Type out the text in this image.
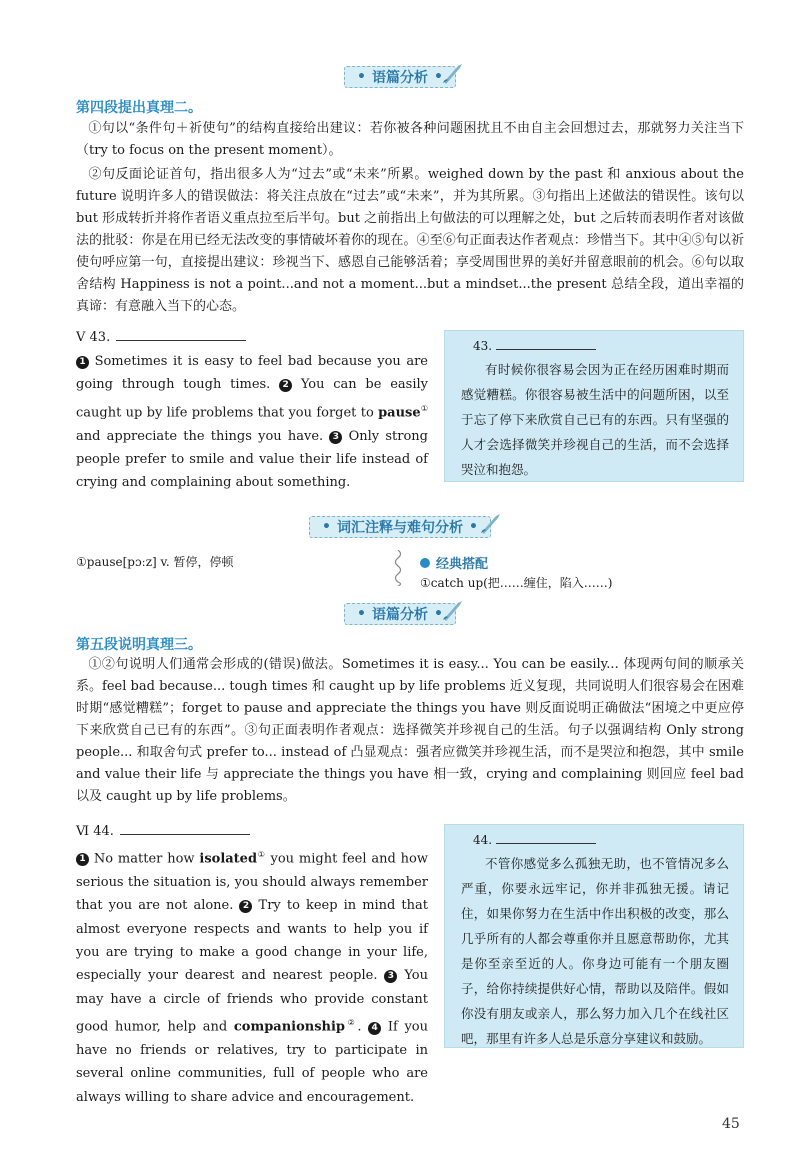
• 语篇分析 •
第四段提出真理二。

①句以“条件句＋祈使句”的结构直接给出建议：若你被各种问题困扰且不由自主会回想过去，那就努力关注当下（try to focus on the present moment）。

②句反面论证首句，指出很多人为“过去”或“未来”所累。weighed down by the past 和 anxious about the future 说明许多人的错误做法：将关注点放在“过去”或“未来”，并为其所累。③句指出上述做法的错误性。该句以 but 形成转折并将作者语义重点拉至后半句。but 之前指出上句做法的可以理解之处，but 之后转而表明作者对该做法的批驳：你是在用已经无法改变的事情破坏着你的现在。④至⑥句正面表达作者观点：珍惜当下。其中④⑤句以祈使句呼应第一句，直接提出建议：珍视当下、感恩自己能够活着；享受周围世界的美好并留意眼前的机会。⑥句以取舍结构 Happiness is not a point...and not a moment...but a mindset...the present 总结全段，道出幸福的真谛：有意融入当下的心态。

Ⅴ 43.

1 Sometimes it is easy to feel bad because you are going through tough times. 2 You can be easily caught up by life problems that you forget to pause① and appreciate the things you have. 3 Only strong people prefer to smile and value their life instead of crying and complaining about something.

43.

有时候你很容易会因为正在经历困难时期而感觉糟糕。你很容易被生活中的问题所困，以至于忘了停下来欣赏自己已有的东西。只有坚强的人才会选择微笑并珍视自己的生活，而不会选择哭泣和抱怨。

• 词汇注释与难句分析 •
①pause[pɔːz] v. 暂停，停顿	经典搭配
①catch up(把……缠住，陷入……)
• 语篇分析 •
第五段说明真理三。

①②句说明人们通常会形成的(错误)做法。Sometimes it is easy... You can be easily... 体现两句间的顺承关系。feel bad because... tough times 和 caught up by life problems 近义复现，共同说明人们很容易会在困难时期“感觉糟糕”；forget to pause and appreciate the things you have 则反面说明正确做法“困境之中更应停下来欣赏自己已有的东西”。③句正面表明作者观点：选择微笑并珍视自己的生活。句子以强调结构 Only strong people... 和取舍句式 prefer to... instead of 凸显观点：强者应微笑并珍视生活，而不是哭泣和抱怨，其中 smile and value their life 与 appreciate the things you have 相一致，crying and complaining 则回应 feel bad 以及 caught up by life problems。

Ⅵ 44.

1 No matter how isolated① you might feel and how serious the situation is, you should always remember that you are not alone. 2 Try to keep in mind that almost everyone respects and wants to help you if you are trying to make a good change in your life, especially your dearest and nearest people. 3 You may have a circle of friends who provide constant good humor, help and companionship②. 4 If you have no friends or relatives, try to participate in several online communities, full of people who are always willing to share advice and encouragement.

44.

不管你感觉多么孤独无助，也不管情况多么严重，你要永远牢记，你并非孤独无援。请记住，如果你努力在生活中作出积极的改变，那么几乎所有的人都会尊重你并且愿意帮助你，尤其是你至亲至近的人。你身边可能有一个朋友圈子，给你持续提供好心情，帮助以及陪伴。假如你没有朋友或亲人，那么努力加入几个在线社区吧，那里有许多人总是乐意分享建议和鼓励。

45
